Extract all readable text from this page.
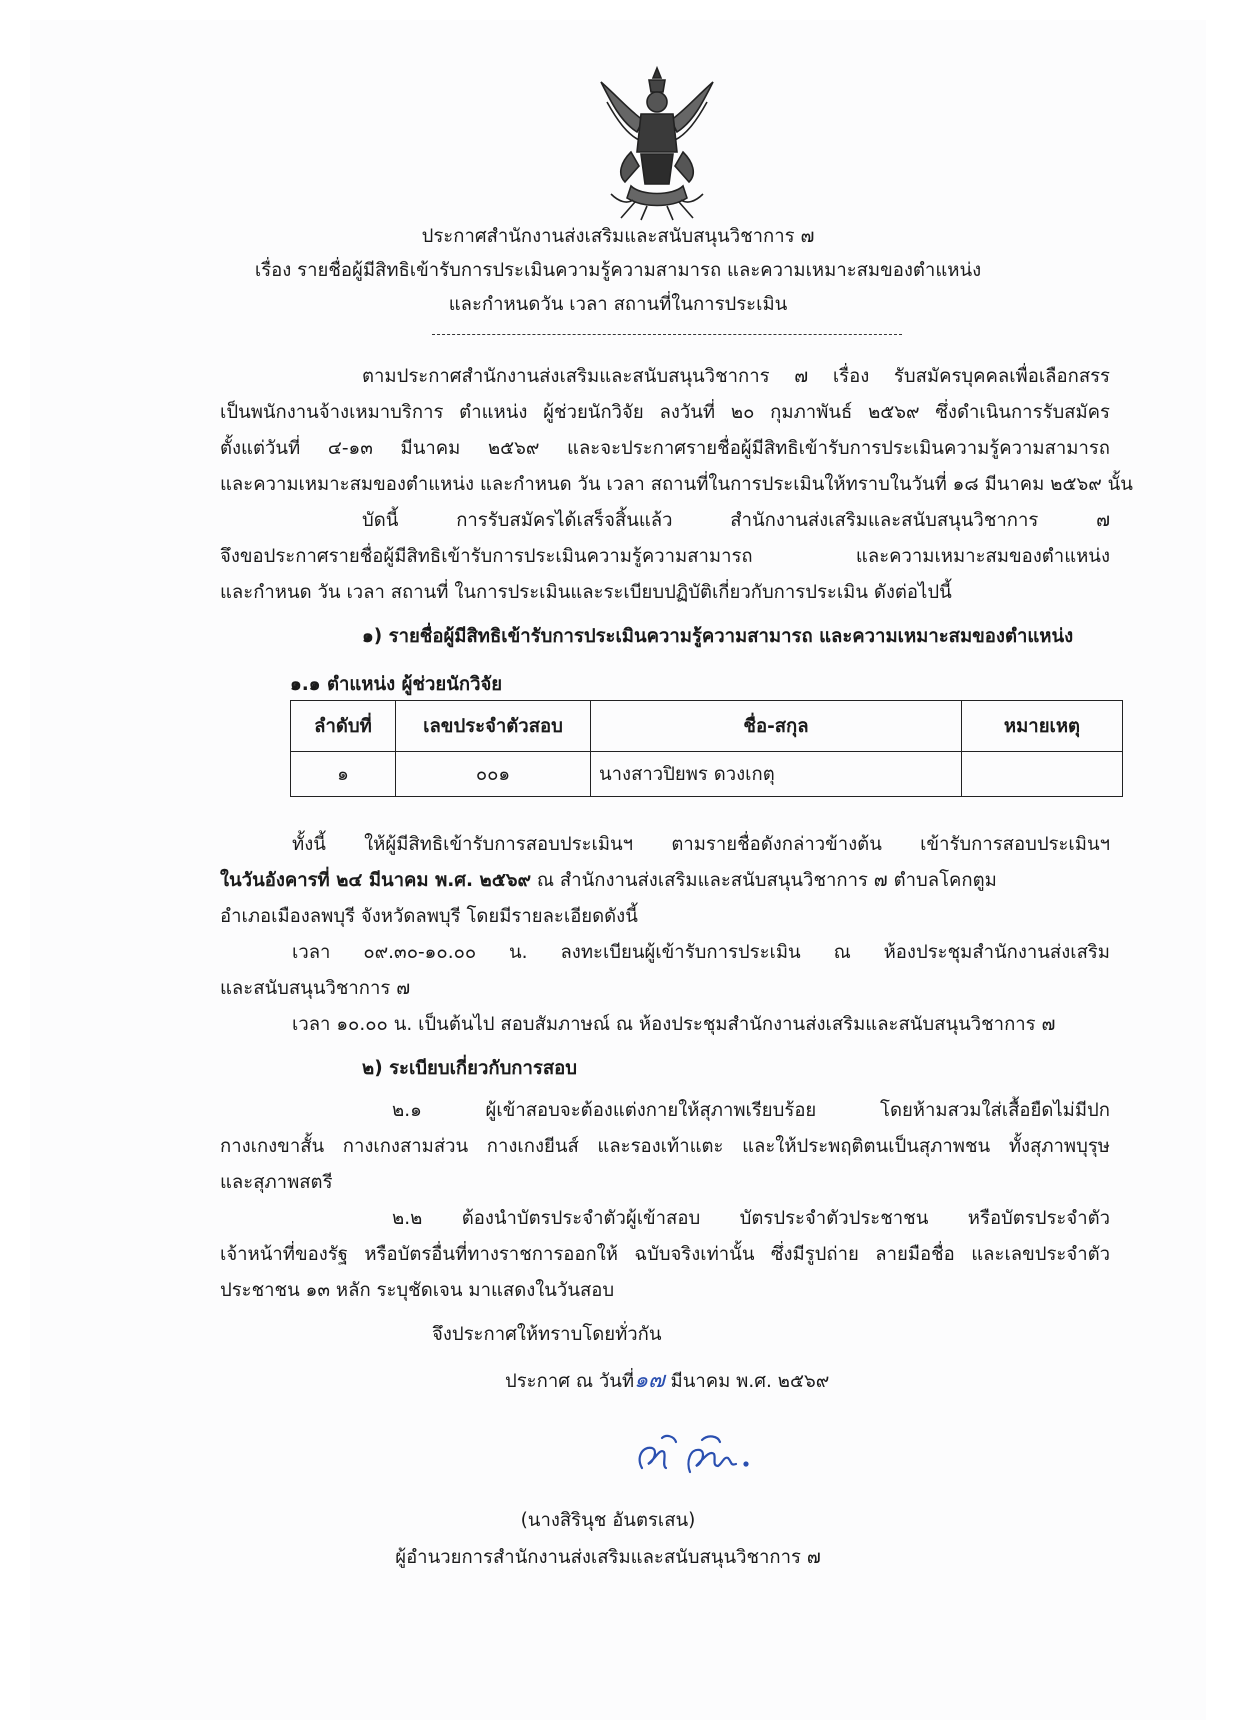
ประกาศสำนักงานส่งเสริมและสนับสนุนวิชาการ ๗
เรื่อง รายชื่อผู้มีสิทธิเข้ารับการประเมินความรู้ความสามารถ และความเหมาะสมของตำแหน่ง
และกำหนดวัน เวลา สถานที่ในการประเมิน
ตามประกาศสำนักงานส่งเสริมและสนับสนุนวิชาการ ๗ เรื่อง รับสมัครบุคคลเพื่อเลือกสรร
เป็นพนักงานจ้างเหมาบริการ ตำแหน่ง ผู้ช่วยนักวิจัย ลงวันที่ ๒๐ กุมภาพันธ์ ๒๕๖๙ ซึ่งดำเนินการรับสมัคร
ตั้งแต่วันที่ ๔-๑๓ มีนาคม ๒๕๖๙ และจะประกาศรายชื่อผู้มีสิทธิเข้ารับการประเมินความรู้ความสามารถ
และความเหมาะสมของตำแหน่ง และกำหนด วัน เวลา สถานที่ในการประเมินให้ทราบในวันที่ ๑๘ มีนาคม ๒๕๖๙ นั้น
บัดนี้ การรับสมัครได้เสร็จสิ้นแล้ว สำนักงานส่งเสริมและสนับสนุนวิชาการ ๗
จึงขอประกาศรายชื่อผู้มีสิทธิเข้ารับการประเมินความรู้ความสามารถ และความเหมาะสมของตำแหน่ง
และกำหนด วัน เวลา สถานที่ ในการประเมินและระเบียบปฏิบัติเกี่ยวกับการประเมิน ดังต่อไปนี้
๑) รายชื่อผู้มีสิทธิเข้ารับการประเมินความรู้ความสามารถ และความเหมาะสมของตำแหน่ง
๑.๑ ตำแหน่ง ผู้ช่วยนักวิจัย
ลำดับที่	เลขประจำตัวสอบ	ชื่อ-สกุล	หมายเหตุ
๑	๐๐๑	นางสาวปิยพร ดวงเกตุ	
ทั้งนี้ ให้ผู้มีสิทธิเข้ารับการสอบประเมินฯ ตามรายชื่อดังกล่าวข้างต้น เข้ารับการสอบประเมินฯ
ในวันอังคารที่ ๒๔ มีนาคม พ.ศ. ๒๕๖๙ ณ สำนักงานส่งเสริมและสนับสนุนวิชาการ ๗ ตำบลโคกตูม
อำเภอเมืองลพบุรี จังหวัดลพบุรี โดยมีรายละเอียดดังนี้
เวลา ๐๙.๓๐-๑๐.๐๐ น. ลงทะเบียนผู้เข้ารับการประเมิน ณ ห้องประชุมสำนักงานส่งเสริม
และสนับสนุนวิชาการ ๗
เวลา ๑๐.๐๐ น. เป็นต้นไป สอบสัมภาษณ์ ณ ห้องประชุมสำนักงานส่งเสริมและสนับสนุนวิชาการ ๗
๒) ระเบียบเกี่ยวกับการสอบ
๒.๑ ผู้เข้าสอบจะต้องแต่งกายให้สุภาพเรียบร้อย โดยห้ามสวมใส่เสื้อยืดไม่มีปก
กางเกงขาสั้น กางเกงสามส่วน กางเกงยีนส์ และรองเท้าแตะ และให้ประพฤติตนเป็นสุภาพชน ทั้งสุภาพบุรุษ
และสุภาพสตรี
๒.๒ ต้องนำบัตรประจำตัวผู้เข้าสอบ บัตรประจำตัวประชาชน หรือบัตรประจำตัว
เจ้าหน้าที่ของรัฐ หรือบัตรอื่นที่ทางราชการออกให้ ฉบับจริงเท่านั้น ซึ่งมีรูปถ่าย ลายมือชื่อ และเลขประจำตัว
ประชาชน ๑๓ หลัก ระบุชัดเจน มาแสดงในวันสอบ
จึงประกาศให้ทราบโดยทั่วกัน
ประกาศ ณ วันที่๑๗ มีนาคม พ.ศ. ๒๕๖๙
(นางสิรินุช อันตรเสน)
ผู้อำนวยการสำนักงานส่งเสริมและสนับสนุนวิชาการ ๗
